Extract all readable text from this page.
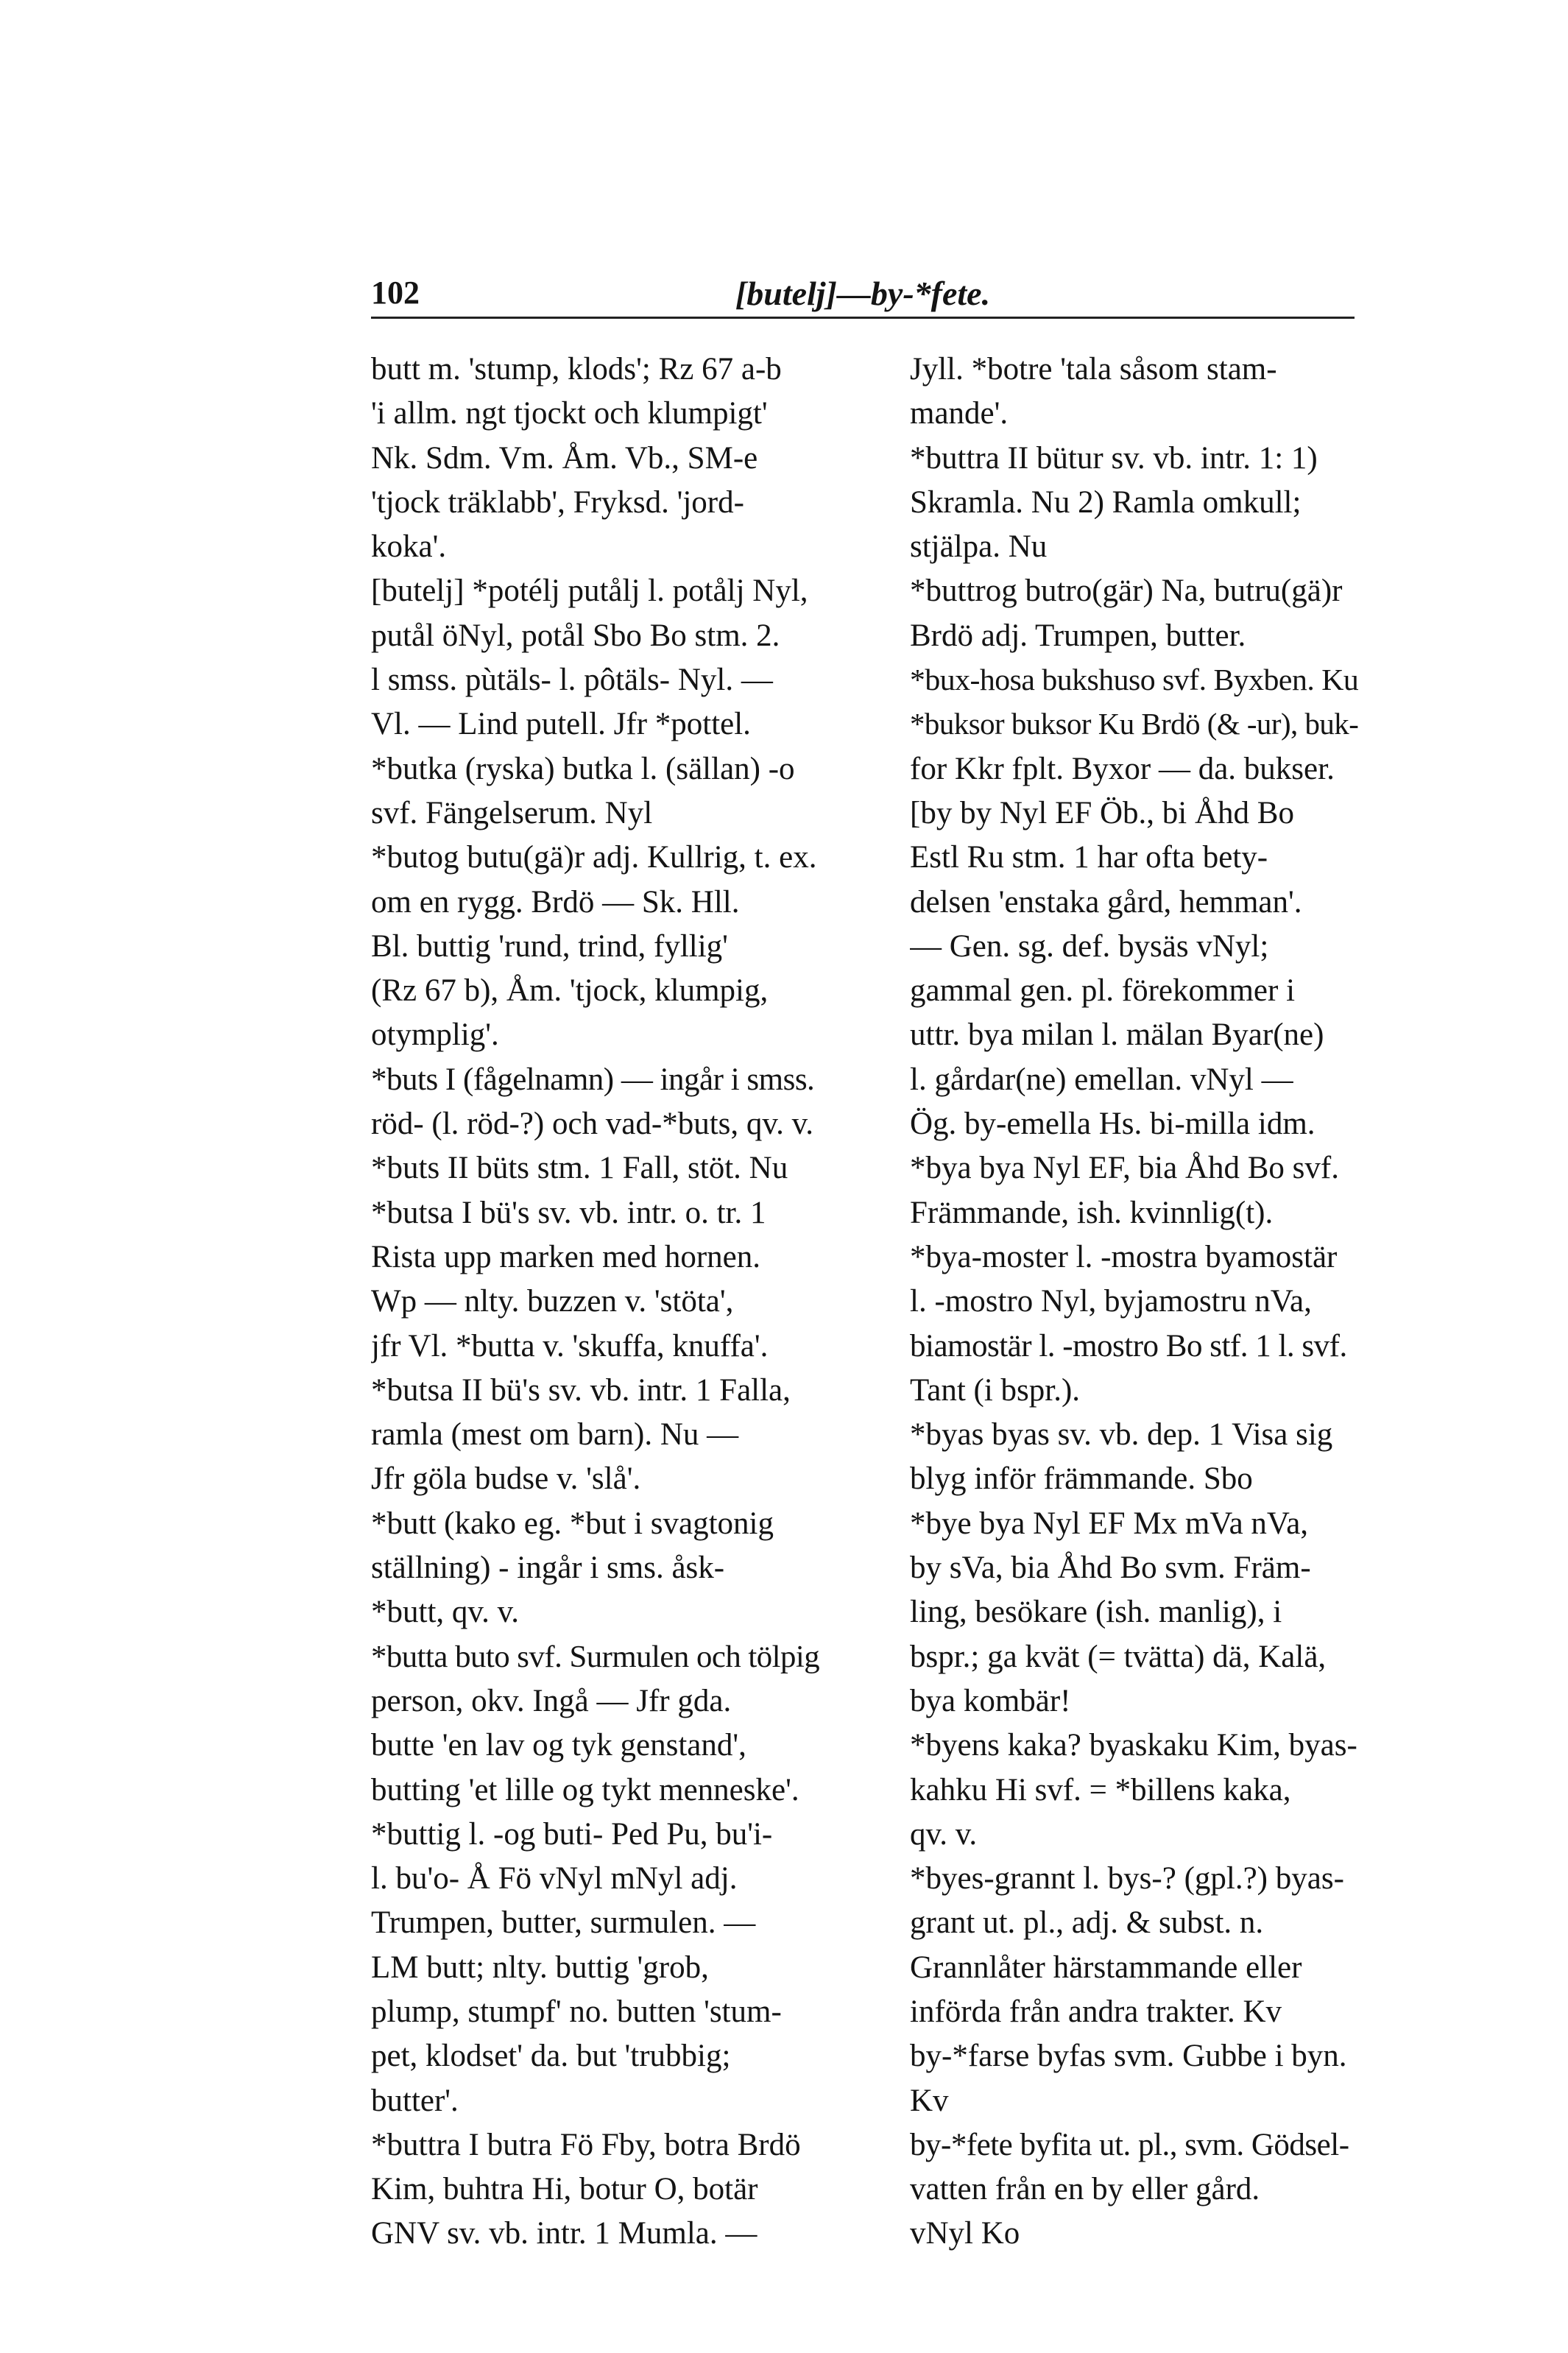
102	[butelj]—by-*fete.
butt m. 'stump, klods'; Rz 67 a-b
'i allm. ngt tjockt och klumpigt'
Nk. Sdm. Vm. Åm. Vb., SM-e
'tjock träklabb', Fryksd. 'jord-
koka'.
[butelj] *potélj putålj l. potålj Nyl,
putål öNyl, potål Sbo Bo stm. 2.
l smss. pùtäls- l. pôtäls- Nyl. —
Vl. — Lind putell. Jfr *pottel.
*butka (ryska) butka l. (sällan) -o
svf. Fängelserum. Nyl
*butog butu(gä)r adj. Kullrig, t. ex.
om en rygg. Brdö — Sk. Hll.
Bl. buttig 'rund, trind, fyllig'
(Rz 67 b), Åm. 'tjock, klumpig,
otymplig'.
*buts I (fågelnamn) — ingår i smss.
röd- (l. röd-?) och vad-*buts, qv. v.
*buts II büts stm. 1 Fall, stöt. Nu
*butsa I bü's sv. vb. intr. o. tr. 1
Rista upp marken med hornen.
Wp — nlty. buzzen v. 'stöta',
jfr Vl. *butta v. 'skuffa, knuffa'.
*butsa II bü's sv. vb. intr. 1 Falla,
ramla (mest om barn). Nu —
Jfr göla budse v. 'slå'.
*butt (kako eg. *but i svagtonig
ställning) - ingår i sms. åsk-
*butt, qv. v.
*butta buto svf. Surmulen och tölpig
person, okv. Ingå — Jfr gda.
butte 'en lav og tyk genstand',
butting 'et lille og tykt menneske'.
*buttig l. -og buti- Ped Pu, bu'i-
l. bu'o- Å Fö vNyl mNyl adj.
Trumpen, butter, surmulen. —
LM butt; nlty. buttig 'grob,
plump, stumpf' no. butten 'stum-
pet, klodset' da. but 'trubbig;
butter'.
*buttra I butra Fö Fby, botra Brdö
Kim, buhtra Hi, botur O, botär
GNV sv. vb. intr. 1 Mumla. —
Jyll. *botre 'tala såsom stam-
mande'.
*buttra II bütur sv. vb. intr. 1: 1)
Skramla. Nu 2) Ramla omkull;
stjälpa. Nu
*buttrog butro(gär) Na, butru(gä)r
Brdö adj. Trumpen, butter.
*bux-hosa bukshuso svf. Byxben. Ku
*buksor buksor Ku Brdö (& -ur), buk-
for Kkr fplt. Byxor — da. bukser.
[by by Nyl EF Öb., bi Åhd Bo
Estl Ru stm. 1 har ofta bety-
delsen 'enstaka gård, hemman'.
— Gen. sg. def. bysäs vNyl;
gammal gen. pl. förekommer i
uttr. bya milan l. mälan Byar(ne)
l. gårdar(ne) emellan. vNyl —
Ög. by-emella Hs. bi-milla idm.
*bya bya Nyl EF, bia Åhd Bo svf.
Främmande, ish. kvinnlig(t).
*bya-moster l. -mostra byamostär
l. -mostro Nyl, byjamostru nVa,
biamostär l. -mostro Bo stf. 1 l. svf.
Tant (i bspr.).
*byas byas sv. vb. dep. 1 Visa sig
blyg inför främmande. Sbo
*bye bya Nyl EF Mx mVa nVa,
by sVa, bia Åhd Bo svm. Främ-
ling, besökare (ish. manlig), i
bspr.; ga kvät (= tvätta) dä, Kalä,
bya kombär!
*byens kaka? byaskaku Kim, byas-
kahku Hi svf. = *billens kaka,
qv. v.
*byes-grannt l. bys-? (gpl.?) byas-
grant ut. pl., adj. & subst. n.
Grannlåter härstammande eller
införda från andra trakter. Kv
by-*farse byfas svm. Gubbe i byn.
Kv
by-*fete byfita ut. pl., svm. Gödsel-
vatten från en by eller gård.
vNyl Ko
